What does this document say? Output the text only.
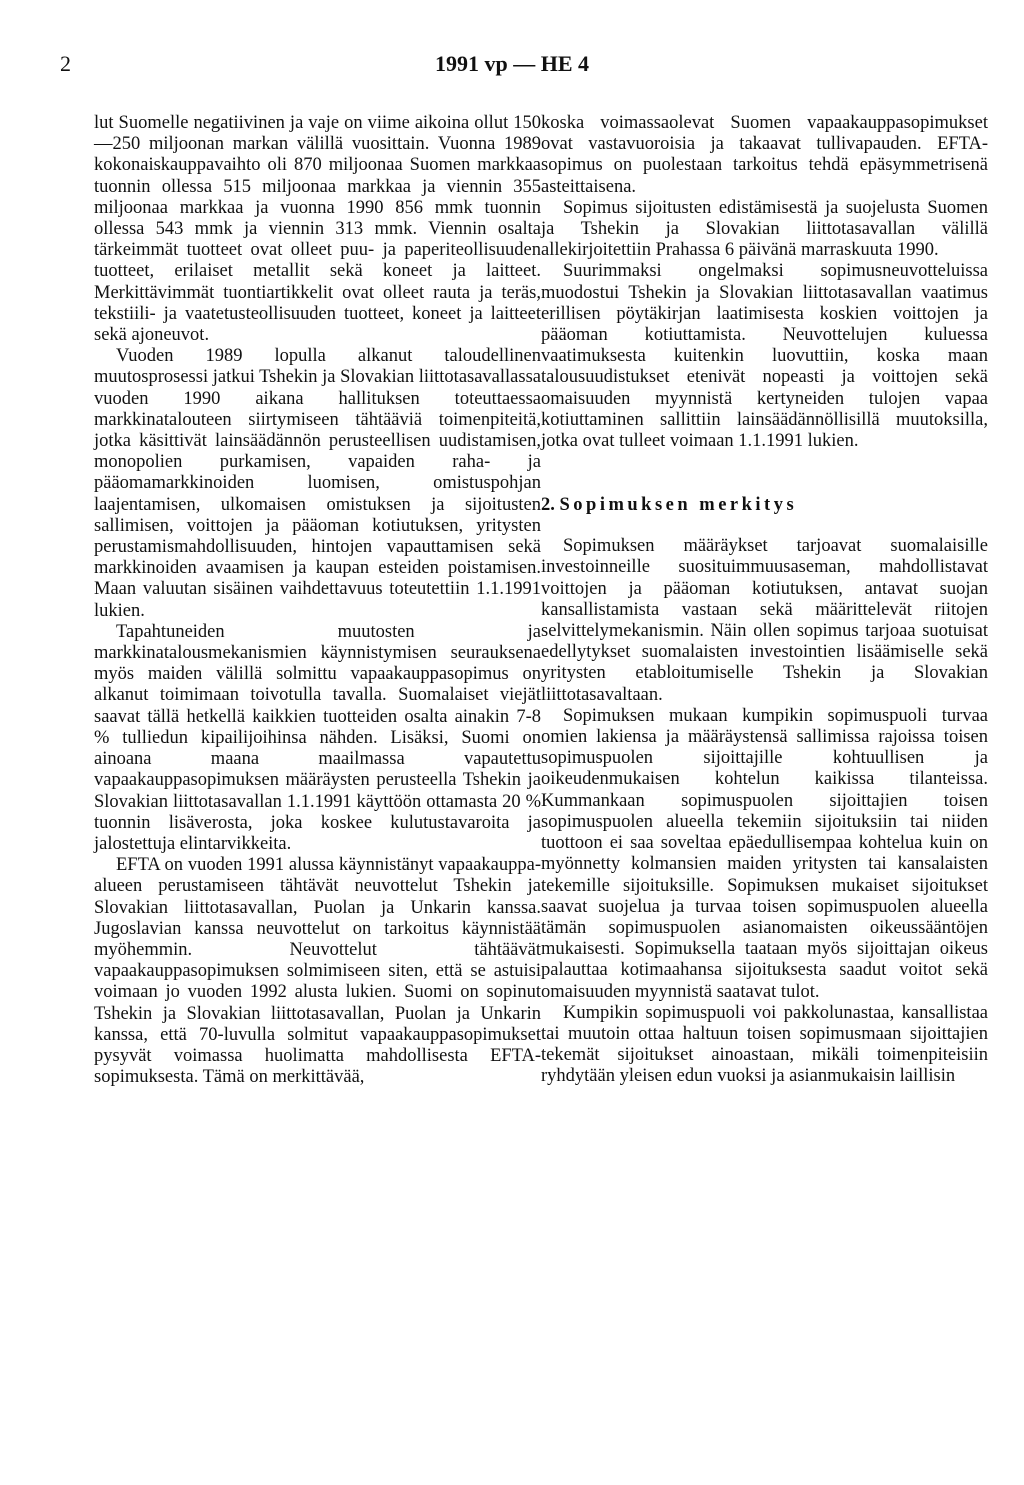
2	1991 vp — HE 4

lut Suomelle negatiivinen ja vaje on viime aikoina ollut 150—250 miljoonan markan välillä vuosittain. Vuonna 1989 kokonaiskauppavaihto oli 870 miljoonaa Suomen markkaa tuonnin ollessa 515 miljoonaa markkaa ja viennin 355 miljoonaa markkaa ja vuonna 1990 856 mmk tuonnin ollessa 543 mmk ja viennin 313 mmk. Viennin osalta tärkeimmät tuotteet ovat olleet puu- ja paperiteollisuuden tuotteet, erilaiset metallit sekä koneet ja laitteet. Merkittävimmät tuontiartikkelit ovat olleet rauta ja teräs, tekstiili- ja vaatetusteollisuuden tuotteet, koneet ja laitteet sekä ajoneuvot.

Vuoden 1989 lopulla alkanut taloudellinen muutosprosessi jatkui Tshekin ja Slovakian liittotasavallassa vuoden 1990 aikana hallituksen toteuttaessa markkinatalouteen siirtymiseen tähtääviä toimenpiteitä, jotka käsittivät lainsäädännön perusteellisen uudistamisen, monopolien purkamisen, vapaiden raha- ja pääomamarkkinoiden luomisen, omistuspohjan laajentamisen, ulkomaisen omistuksen ja sijoitusten sallimisen, voittojen ja pääoman kotiutuksen, yritysten perustamismahdollisuuden, hintojen vapauttamisen sekä markkinoiden avaamisen ja kaupan esteiden poistamisen. Maan valuutan sisäinen vaihdettavuus toteutettiin 1.1.1991 lukien.

Tapahtuneiden muutosten ja markkinatalousmekanismien käynnistymisen seurauksena myös maiden välillä solmittu vapaakauppasopimus on alkanut toimimaan toivotulla tavalla. Suomalaiset viejät saavat tällä hetkellä kaikkien tuotteiden osalta ainakin 7-8 % tulliedun kipailijoihinsa nähden. Lisäksi, Suomi on ainoana maana maailmassa vapautettu vapaakauppasopimuksen määräysten perusteella Tshekin ja Slovakian liittotasavallan 1.1.1991 käyttöön ottamasta 20 % tuonnin lisäverosta, joka koskee kulutustavaroita ja jalostettuja elintarvikkeita.

EFTA on vuoden 1991 alussa käynnistänyt vapaakauppa-alueen perustamiseen tähtävät neuvottelut Tshekin ja Slovakian liittotasavallan, Puolan ja Unkarin kanssa. Jugoslavian kanssa neuvottelut on tarkoitus käynnistää myöhemmin. Neuvottelut tähtäävät vapaakauppasopimuksen solmimiseen siten, että se astuisi voimaan jo vuoden 1992 alusta lukien. Suomi on sopinut Tshekin ja Slovakian liittotasavallan, Puolan ja Unkarin kanssa, että 70-luvulla solmitut vapaakauppasopimukset pysyvät voimassa huolimatta mahdollisesta EFTA-sopimuksesta. Tämä on merkittävää,

koska voimassaolevat Suomen vapaakauppasopimukset ovat vastavuoroisia ja takaavat tullivapauden. EFTA-sopimus on puolestaan tarkoitus tehdä epäsymmetrisenä asteittaisena.

Sopimus sijoitusten edistämisestä ja suojelusta Suomen ja Tshekin ja Slovakian liittotasavallan välillä allekirjoitettiin Prahassa 6 päivänä marraskuuta 1990.

Suurimmaksi ongelmaksi sopimusneuvotteluissa muodostui Tshekin ja Slovakian liittotasavallan vaatimus erillisen pöytäkirjan laatimisesta koskien voittojen ja pääoman kotiuttamista. Neuvottelujen kuluessa vaatimuksesta kuitenkin luovuttiin, koska maan talousuudistukset etenivät nopeasti ja voittojen sekä omaisuuden myynnistä kertyneiden tulojen vapaa kotiuttaminen sallittiin lainsäädännöllisillä muutoksilla, jotka ovat tulleet voimaan 1.1.1991 lukien.

2. Sopimuksen merkitys

Sopimuksen määräykset tarjoavat suomalaisille investoinneille suosituimmuusaseman, mahdollistavat voittojen ja pääoman kotiutuksen, antavat suojan kansallistamista vastaan sekä määrittelevät riitojen selvittelymekanismin. Näin ollen sopimus tarjoaa suotuisat edellytykset suomalaisten investointien lisäämiselle sekä yritysten etabloitumiselle Tshekin ja Slovakian liittotasavaltaan.

Sopimuksen mukaan kumpikin sopimuspuoli turvaa omien lakiensa ja määräystensä sallimissa rajoissa toisen sopimuspuolen sijoittajille kohtuullisen ja oikeudenmukaisen kohtelun kaikissa tilanteissa. Kummankaan sopimuspuolen sijoittajien toisen sopimuspuolen alueella tekemiin sijoituksiin tai niiden tuottoon ei saa soveltaa epäedullisempaa kohtelua kuin on myönnetty kolmansien maiden yritysten tai kansalaisten tekemille sijoituksille. Sopimuksen mukaiset sijoitukset saavat suojelua ja turvaa toisen sopimuspuolen alueella tämän sopimuspuolen asianomaisten oikeussääntöjen mukaisesti. Sopimuksella taataan myös sijoittajan oikeus palauttaa kotimaahansa sijoituksesta saadut voitot sekä omaisuuden myynnistä saatavat tulot.

Kumpikin sopimuspuoli voi pakkolunastaa, kansallistaa tai muutoin ottaa haltuun toisen sopimusmaan sijoittajien tekemät sijoitukset ainoastaan, mikäli toimenpiteisiin ryhdytään yleisen edun vuoksi ja asianmukaisin laillisin
